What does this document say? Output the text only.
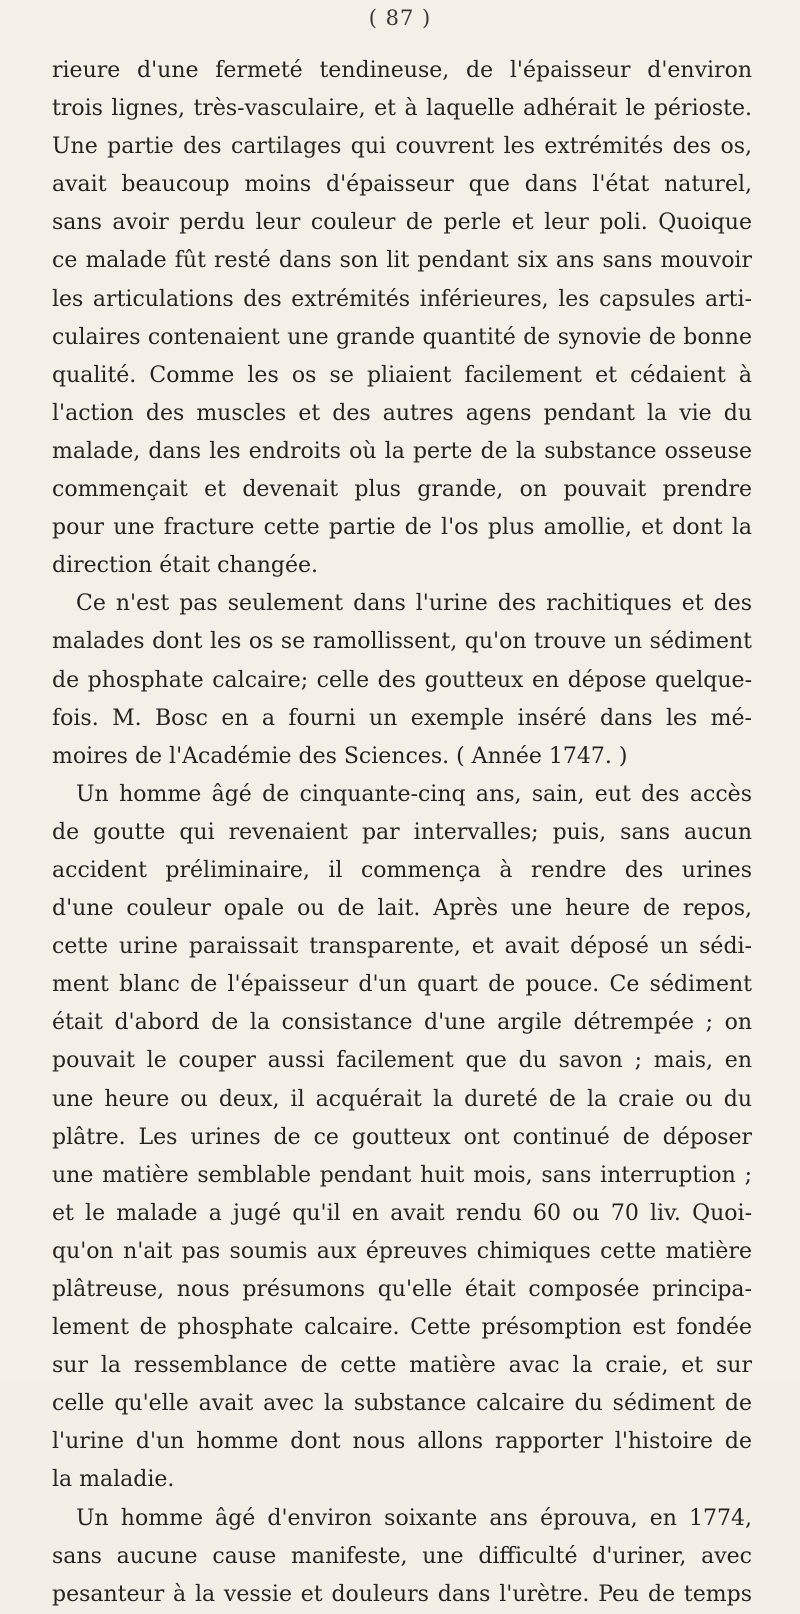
( 87 )
rieure d'une fermeté tendineuse, de l'épaisseur d'environ
trois lignes, très-vasculaire, et à laquelle adhérait le périoste.
Une partie des cartilages qui couvrent les extrémités des os,
avait beaucoup moins d'épaisseur que dans l'état naturel,
sans avoir perdu leur couleur de perle et leur poli. Quoique
ce malade fût resté dans son lit pendant six ans sans mouvoir
les articulations des extrémités inférieures, les capsules arti-
culaires contenaient une grande quantité de synovie de bonne
qualité. Comme les os se pliaient facilement et cédaient à
l'action des muscles et des autres agens pendant la vie du
malade, dans les endroits où la perte de la substance osseuse
commençait et devenait plus grande, on pouvait prendre
pour une fracture cette partie de l'os plus amollie, et dont la
direction était changée.
Ce n'est pas seulement dans l'urine des rachitiques et des
malades dont les os se ramollissent, qu'on trouve un sédiment
de phosphate calcaire; celle des goutteux en dépose quelque-
fois. M. Bosc en a fourni un exemple inséré dans les mé-
moires de l'Académie des Sciences. ( Année 1747. )
Un homme âgé de cinquante-cinq ans, sain, eut des accès
de goutte qui revenaient par intervalles; puis, sans aucun
accident préliminaire, il commença à rendre des urines
d'une couleur opale ou de lait. Après une heure de repos,
cette urine paraissait transparente, et avait déposé un sédi-
ment blanc de l'épaisseur d'un quart de pouce. Ce sédiment
était d'abord de la consistance d'une argile détrempée ; on
pouvait le couper aussi facilement que du savon ; mais, en
une heure ou deux, il acquérait la dureté de la craie ou du
plâtre. Les urines de ce goutteux ont continué de déposer
une matière semblable pendant huit mois, sans interruption ;
et le malade a jugé qu'il en avait rendu 60 ou 70 liv. Quoi-
qu'on n'ait pas soumis aux épreuves chimiques cette matière
plâtreuse, nous présumons qu'elle était composée principa-
lement de phosphate calcaire. Cette présomption est fondée
sur la ressemblance de cette matière avac la craie, et sur
celle qu'elle avait avec la substance calcaire du sédiment de
l'urine d'un homme dont nous allons rapporter l'histoire de
la maladie.
Un homme âgé d'environ soixante ans éprouva, en 1774,
sans aucune cause manifeste, une difficulté d'uriner, avec
pesanteur à la vessie et douleurs dans l'urètre. Peu de temps
